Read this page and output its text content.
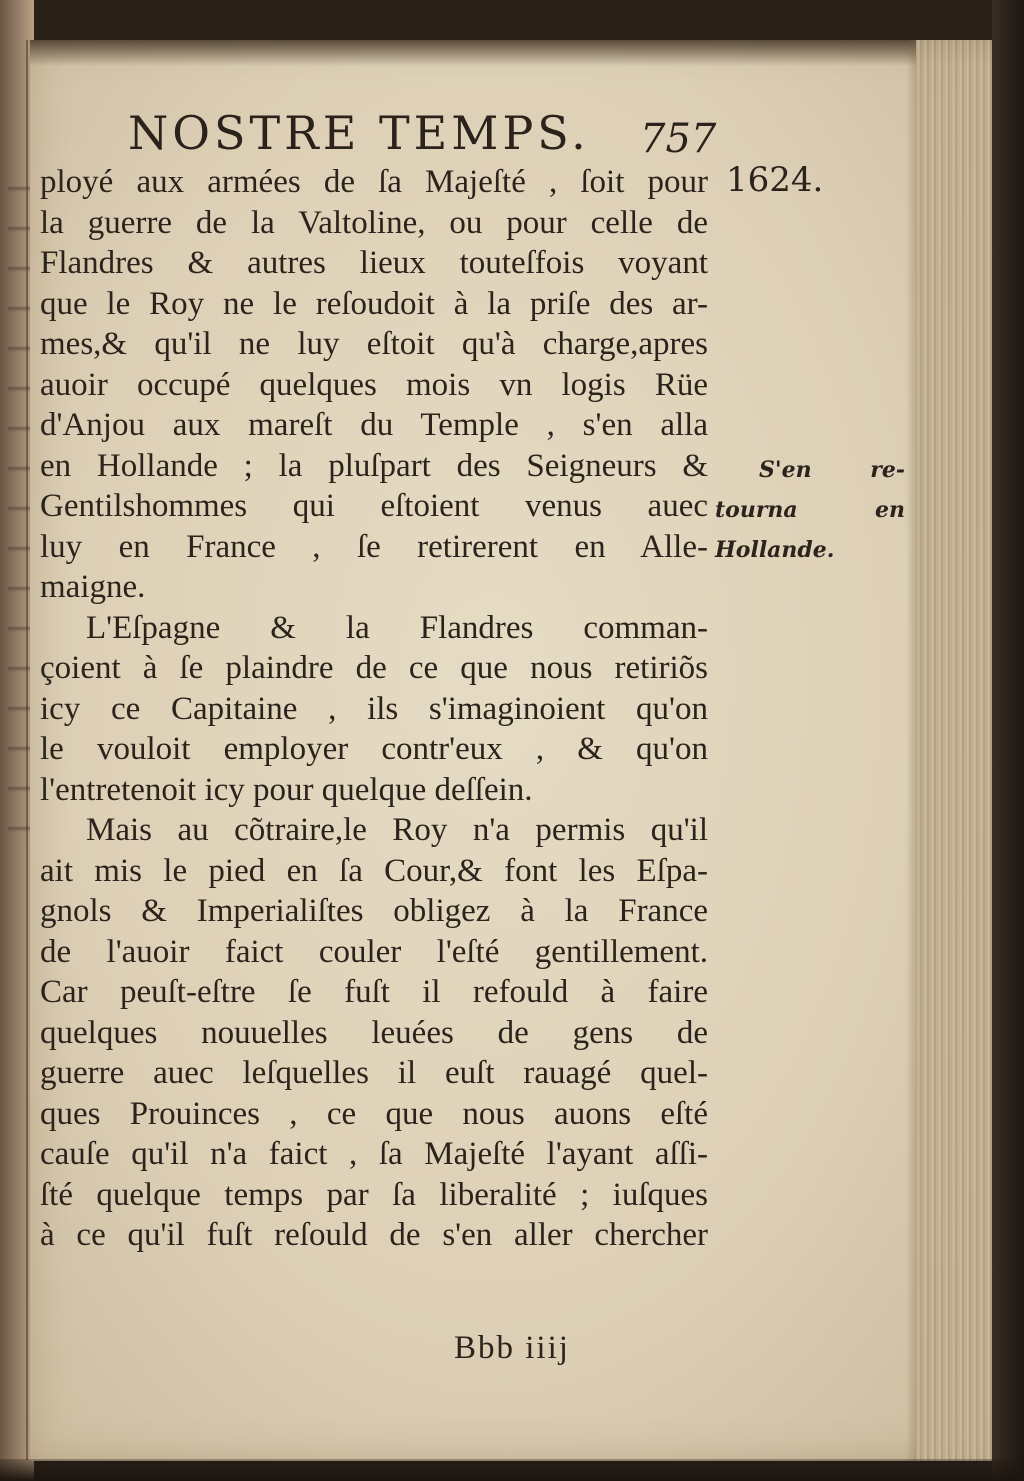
NOSTRE TEMPS. 757
1624.
S'en re-
tourna en
Hollande.
ployé aux armées de ſa Majeſté , ſoit pour
la guerre de la Valtoline, ou pour celle de
Flandres & autres lieux touteſfois voyant
que le Roy ne le reſoudoit à la priſe des ar-
mes,& qu'il ne luy eſtoit qu'à charge,apres
auoir occupé quelques mois vn logis Rüe
d'Anjou aux mareſt du Temple , s'en alla
en Hollande ; la pluſpart des Seigneurs &
Gentilshommes qui eſtoient venus auec
luy en France , ſe retirerent en Alle-
maigne.
L'Eſpagne & la Flandres comman-
çoient à ſe plaindre de ce que nous retiriõs
icy ce Capitaine , ils s'imaginoient qu'on
le vouloit employer contr'eux , & qu'on
l'entretenoit icy pour quelque deſſein.
Mais au cõtraire,le Roy n'a permis qu'il
ait mis le pied en ſa Cour,& font les Eſpa-
gnols & Imperialiſtes obligez à la France
de l'auoir faict couler l'eſté gentillement.
Car peuſt-eſtre ſe fuſt il refould à faire
quelques nouuelles leuées de gens de
guerre auec leſquelles il euſt rauagé quel-
ques Prouinces , ce que nous auons eſté
cauſe qu'il n'a faict , ſa Majeſté l'ayant aſſi-
ſté quelque temps par ſa liberalité ; iuſques
à ce qu'il fuſt reſould de s'en aller chercher
Bbb iiij
